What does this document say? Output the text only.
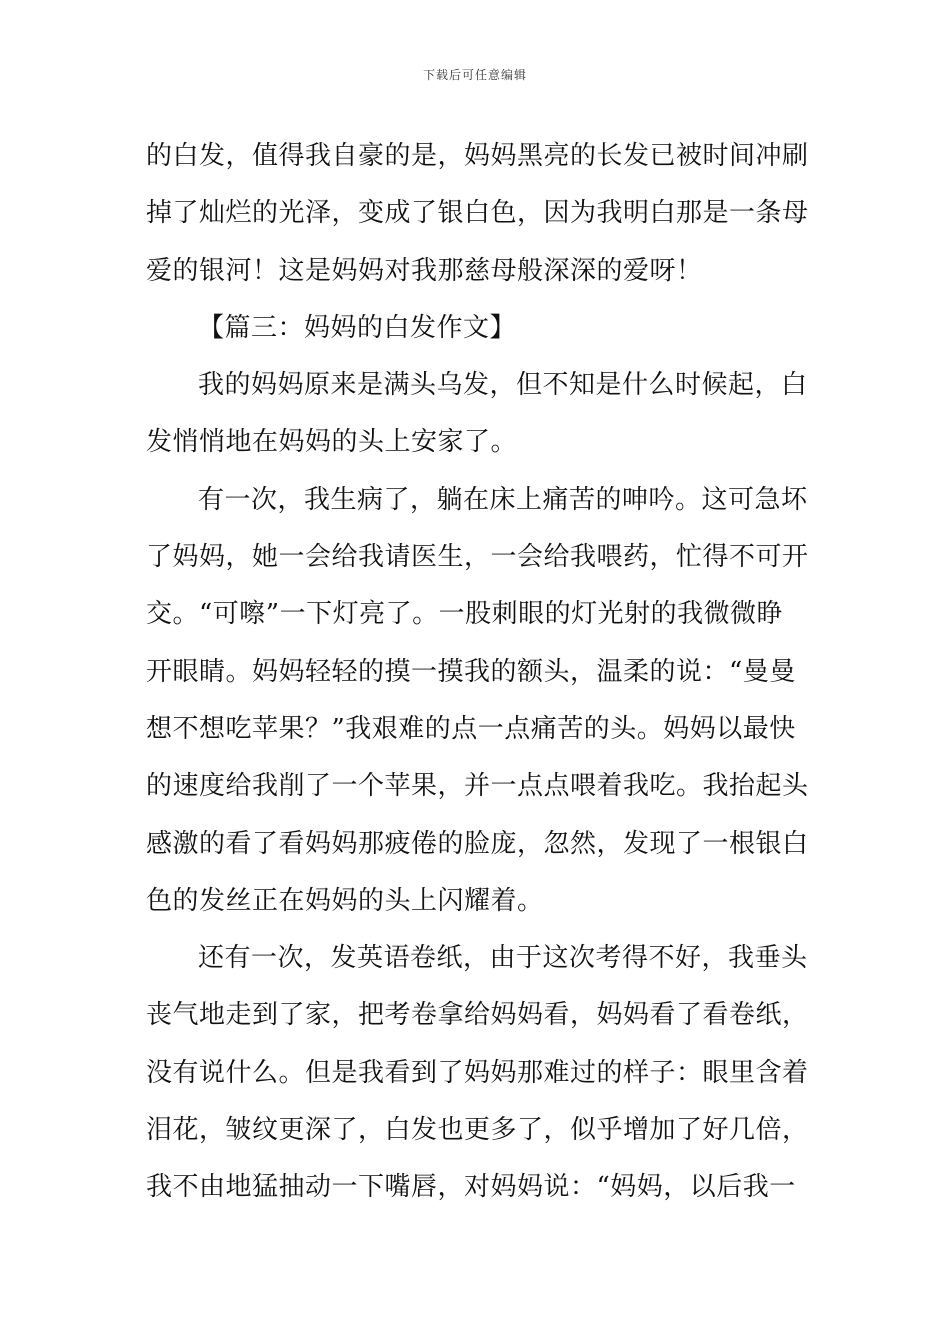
下载后可任意编辑
的白发，值得我自豪的是，妈妈黑亮的长发已被时间冲刷
掉了灿烂的光泽，变成了银白色，因为我明白那是一条母
爱的银河！这是妈妈对我那慈母般深深的爱呀！
【篇三：妈妈的白发作文】
我的妈妈原来是满头乌发，但不知是什么时候起，白
发悄悄地在妈妈的头上安家了。
有一次，我生病了，躺在床上痛苦的呻吟。这可急坏
了妈妈，她一会给我请医生，一会给我喂药，忙得不可开
交。“可嚓”一下灯亮了。一股刺眼的灯光射的我微微睁
开眼睛。妈妈轻轻的摸一摸我的额头，温柔的说：“曼曼
想不想吃苹果？”我艰难的点一点痛苦的头。妈妈以最快
的速度给我削了一个苹果，并一点点喂着我吃。我抬起头
感激的看了看妈妈那疲倦的脸庞，忽然，发现了一根银白
色的发丝正在妈妈的头上闪耀着。
还有一次，发英语卷纸，由于这次考得不好，我垂头
丧气地走到了家，把考卷拿给妈妈看，妈妈看了看卷纸，
没有说什么。但是我看到了妈妈那难过的样子：眼里含着
泪花，皱纹更深了，白发也更多了，似乎增加了好几倍，
我不由地猛抽动一下嘴唇，对妈妈说：“妈妈，以后我一
